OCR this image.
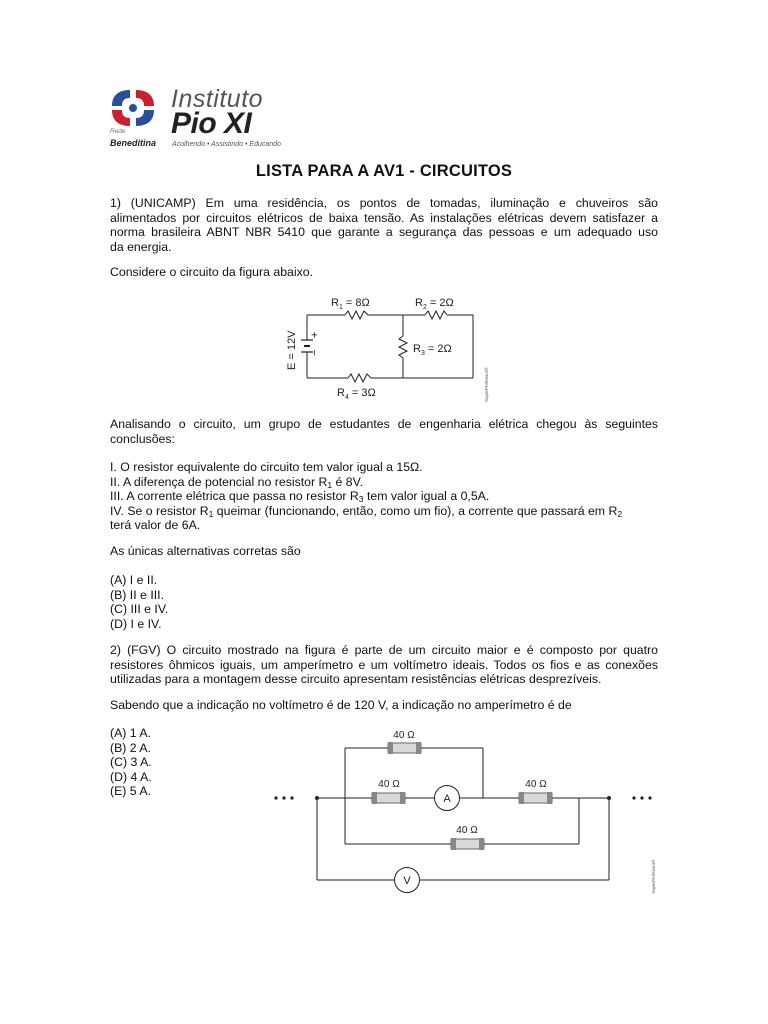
Rede
Beneditina
Instituto
Pio XI
Acolhendo • Assistindo • Educando
LISTA PARA A AV1 - CIRCUITOS
1) (UNICAMP) Em uma residência, os pontos de tomadas, iluminação e chuveiros são
alimentados por circuitos elétricos de baixa tensão. As instalações elétricas devem satisfazer a
norma brasileira ABNT NBR 5410 que garante a segurança das pessoas e um adequado uso
da energia.
Considere o circuito da figura abaixo.
$R_1 = 8\Omega$	$R_2 = 2\Omega$
$R_3 = 2\Omega$
$R_4 = 3\Omega$
E = 12V +
−
SuperProfessor®
Analisando o circuito, um grupo de estudantes de engenharia elétrica chegou às seguintes
conclusões:
I. O resistor equivalente do circuito tem valor igual a 15Ω.
II. A diferença de potencial no resistor $R_1$ é 8V.
III. A corrente elétrica que passa no resistor $R_3$ tem valor igual a 0,5A.
IV. Se o resistor $R_1$ queimar (funcionando, então, como um fio), a corrente que passará em $R_2$
terá valor de 6A.
As únicas alternativas corretas são
(A) I e II.
(B) II e III.
(C) III e IV.
(D) I e IV.
2) (FGV) O circuito mostrado na figura é parte de um circuito maior e é composto por quatro
resistores ôhmicos iguais, um amperímetro e um voltímetro ideais. Todos os fios e as conexões
utilizadas para a montagem desse circuito apresentam resistências elétricas desprezíveis.
Sabendo que a indicação no voltímetro é de 120 V, a indicação no amperímetro é de
(A) 1 A.
(B) 2 A.
(C) 3 A.
(D) 4 A.
(E) 5 A.
A
V
40 Ω
40 Ω	40 Ω
40 Ω
SuperProfessor®
